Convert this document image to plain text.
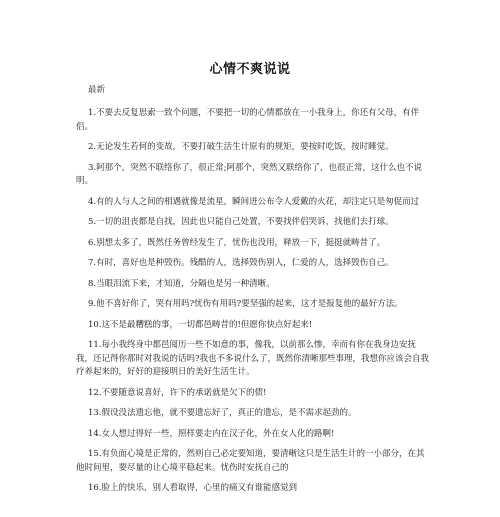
心情不爽说说
最新

1.不要去反复思索一致个问题，不要把一切的心情都放在一小我身上，你还有父母，有伴侣。

2.无论发生若何的变故，不要打破生活生计原有的规矩，要按时吃饭，按时睡觉。

3.阿那个，突然不联络你了，很正常;阿那个，突然又联络你了，也很正常，这什么也不说明。

4.有的人与人之间的相遇就像是流星，瞬间迸公布令人爱戴的火花，却注定只是匆促而过

5.一切的沮丧都是自找，因此也只能自己处置，不要找伴侣哭诉，找他们去打球。

6.别想太多了，既然任务曾经发生了，忧伤也没用，释放一下，挺挺就畴昔了。

7.有时，喜好也是种毁伤。残酷的人，选择毁伤别人，仁爱的人，选择毁伤自己。

8.当眼泪流下来，才知道，分隔也是另一种清晰。

9.他不喜好你了，哭有用吗?忧伤有用吗?要坚强的起来，这才是报复他的最好方法。

10.这不是最糟糕的事，一切都邑畴昔的!但愿你快点好起来!

11.每小我终身中都邑阅历一些不如意的事，像我，以前那么惨，幸而有你在我身边安抚我，还记得你那时对我说的话吗?我也不多说什么了，既然你清晰那些事理，我想你应该会自我疗养起来的，好好的迎接明日的美好生活生计。

12.不要随意说喜好，许下的承诺就是欠下的债!

13.假设没法遗忘他，就不要遗忘好了，真正的遗忘，是不需求起劲的。

14.女人想过得好一些，照样要走内在汉子化，外在女人化的路啊!

15.有负面心境是正常的，然则自己必定要知道，要清晰这只是生活生计的一小部分，在其他时间里，要尽量的让心境平稳起来。忧伤时安抚自己的

16.脸上的快乐，别人看取得，心里的痛又有谁能感觉到
